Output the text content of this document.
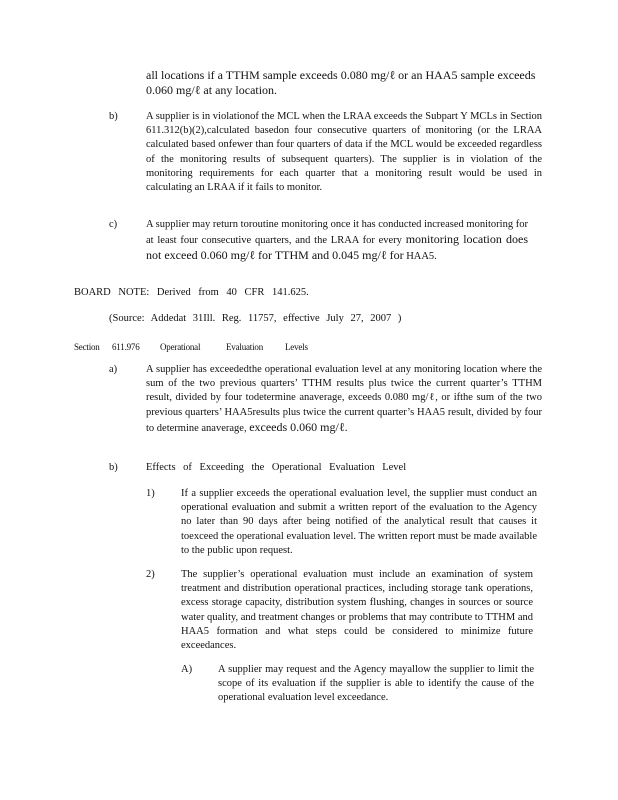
all locations if a TTHM sample exceeds 0.080 mg/ℓ or an HAA5 sample exceeds
0.060 mg/ℓ at any location.
b)	A supplier is in violationof the MCL when the LRAA exceeds the Subpart Y MCLs in Section 611.312(b)(2),calculated basedon four consecutive quarters of monitoring (or the LRAA calculated based onfewer than four quarters of data if the MCL would be exceeded regardless of the monitoring results of subsequent quarters). The supplier is in violation of the monitoring requirements for each quarter that a monitoring result would be used in calculating an LRAA if it fails to monitor.
c)	A supplier may return toroutine monitoring once it has conducted increased monitoring for at least four consecutive quarters, and the LRAA for every monitoring location does not exceed 0.060 mg/ℓ for TTHM and 0.045 mg/ℓ for HAA5.
BOARD NOTE: Derived from 40 CFR 141.625.
(Source: Addedat 31Ill. Reg. 11757, effective July 27, 2007 )
Section 611.976 Operational	Evaluation Levels
a)	A supplier has exceededthe operational evaluation level at any monitoring location where the sum of the two previous quarters’ TTHM results plus twice the current quarter’s TTHM result, divided by four todetermine anaverage, exceeds 0.080 mg/ℓ, or ifthe sum of the two previous quarters’ HAA5results plus twice the current quarter’s HAA5 result, divided by four to determine anaverage, exceeds 0.060 mg/ℓ.
b)	Effects of Exceeding the Operational Evaluation Level
1)	If a supplier exceeds the operational evaluation level, the supplier must conduct an operational evaluation and submit a written report of the evaluation to the Agency no later than 90 days after being notified of the analytical result that causes it toexceed the operational evaluation level. The written report must be made available to the public upon request.
2)	The supplier’s operational evaluation must include an examination of system treatment and distribution operational practices, including storage tank operations, excess storage capacity, distribution system flushing, changes in sources or source water quality, and treatment changes or problems that may contribute to TTHM and HAA5 formation and what steps could be considered to minimize future exceedances.
A) A supplier may request and the Agency mayallow the supplier to limit the scope of its evaluation if the supplier is able to identify the cause of the operational evaluation level exceedance.
